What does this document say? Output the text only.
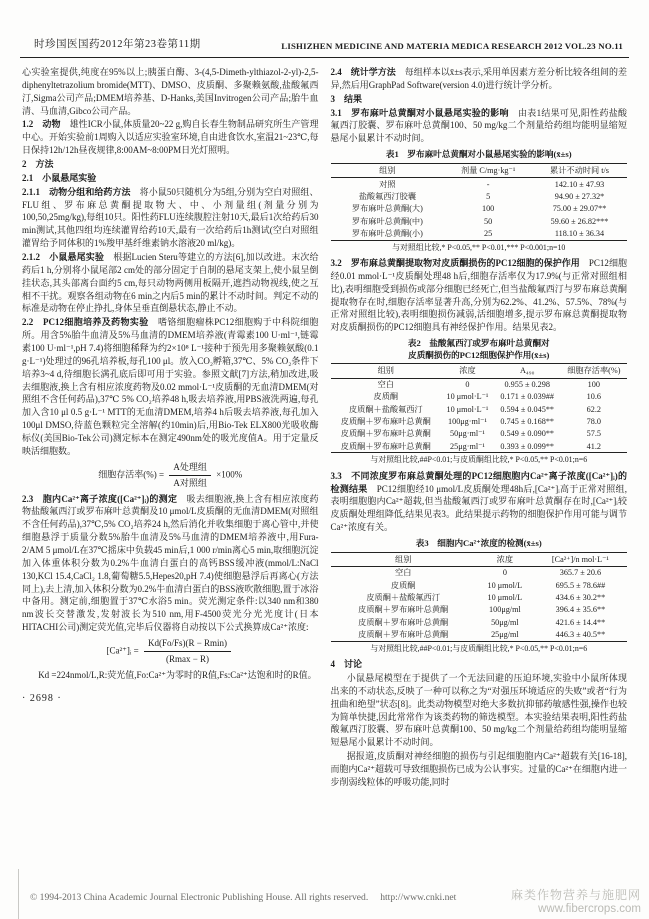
时珍国医国药2012年第23卷第11期	LISHIZHEN MEDICINE AND MATERIA MEDICA RESEARCH 2012 VOL.23 NO.11

心实验室提供,纯度在95%以上;胰蛋白酶、3-(4,5-Dimeth-ylthiazol-2-yl)-2,5-diphenyltetrazolium bromide(MTT)、DMSO、皮质酮、多聚赖氨酸,盐酸氟西汀,Sigma公司产品;DMEM培养基、D-Hanks,美国Invitrogen公司产品;胎牛血清、马血清,Gibco公司产品。

1.2　动物　 雄性ICR小鼠,体质量20~22 g,购自长春生物制品研究所生产管理中心。开始实验前1周购入以适应实验室环境,自由进食饮水,室温21~23℃,每日保持12h/12h昼夜规律,8:00AM~8:00PM日光灯照明。

2　方法

2.1　小鼠悬尾实验

2.1.1　动物分组和给药方法　 将小鼠50只随机分为5组,分别为空白对照组、FLU组、罗布麻总黄酮提取物大、中、小剂量组(剂量分别为100,50,25mg/kg),每组10只。阳性药FLU连续腹腔注射10天,最后1次给药后30 min测试,其他四组均连续灌胃给药10天,最有一次给药后1h测试(空白对照组灌胃给予同体积的1%羧甲基纤维素钠水溶液20 ml/kg)。

2.1.2　小鼠悬尾实验　 根据Lucien Steru等建立的方法[6],加以改进。末次给药后1 h,分别将小鼠尾部2 cm处的部分固定于自制的悬尾支架上,使小鼠呈倒挂状态,其头部离台面约5 cm,每只动物两侧用板隔开,遮挡动物视线,使之互相不干扰。观察各组动物在6 min之内后5 min的累计不动时间。判定不动的标准是动物在停止挣扎,身体呈垂直倒悬状态,静止不动。

2.2　PC12细胞培养及药物实验　 嗜铬细胞瘤株PC12细胞购于中科院细胞所。用含5%胎牛血清及5%马血清的DMEM培养液(青霉素100 U·ml⁻¹,链霉素100 U·ml⁻¹,pH 7.4)将细胞稀释为约2×10⁸ L⁻¹接种于预先用多聚赖氨酸(0.1 g·L⁻¹)处理过的96孔培养板,每孔100 μl。放入CO₂孵箱,37℃、5% CO₂条件下培养3~4 d,待细胞长满孔底后即可用于实验。参照文献[7]方法,稍加改进,吸去细胞液,换上含有相应浓度药物及0.02 mmol·L⁻¹皮质酮的无血清DMEM(对照组不含任何药品),37℃ 5% CO₂培养48 h,吸去培养液,用PBS液洗两遍,每孔加入含10 μl 0.5 g·L⁻¹ MTT的无血清DMEM,培养4 h后吸去培养液,每孔加入100μl DMSO,待蓝色颗粒完全溶解(约10min)后,用Bio-Tek ELX800光吸收酶标仪(美国Bio-Tek公司)测定标本在测定490nm处的吸光度值A。用于定量反映活细胞数。

细胞存活率(%) = $\frac{\text{A处理组}}{\text{A对照组}} \times 100\%$

2.3　胞内Ca²⁺离子浓度([Ca²⁺]ᵢ)的测定　 吸去细胞液,换上含有相应浓度药物盐酸氟西汀或罗布麻叶总黄酮及10 μmol/L皮质酮的无血清DMEM(对照组不含任何药品),37℃,5% CO₂培养24 h,然后消化并收集细胞于离心管中,并使细胞悬浮于质量分数5%胎牛血清及5%马血清的DMEM培养液中,用Fura-2/AM 5 μmol/L在37℃摇床中负载45 min后,1 000 r/min离心5 min,取细胞沉淀加入体重体积分数为0.2%牛血清白蛋白的高钙BSS缓冲液(mmol/L:NaCl 130,KCl 15.4,CaCl₂ 1.8,葡萄糖5.5,Hepes20,pH 7.4)使细胞悬浮后再离心(方法同上),去上清,加入体积分数为0.2%牛血清白蛋白的BSS液吹散细胞,置于冰浴中备用。测定前,细胞置于37℃水浴5 min。荧光测定条件:以340 nm和380 nm波长交替激发,发射波长为510 nm,用F-4500荧光分光光度计(日本HITACHI公司)测定荧光值,完毕后仪器将自动按以下公式换算成Ca²⁺浓度:

[Ca²⁺]ᵢ = $\frac{Kd(Fo/Fs)(R - Rmin)}{(Rmax - R)}$

Kd =224nmol/L,R:荧光值,Fo:Ca²⁺为零时的R值,Fs:Ca²⁺达饱和时的R值。

· 2698 ·

2.4　统计学方法　 每组样本以x̄±s表示,采用单因素方差分析比较各组间的差异,然后用GraphPad Software(version 4.0)进行统计学分析。

3　结果

3.1　罗布麻叶总黄酮对小鼠悬尾实验的影响　 由表1结果可见,阳性药盐酸氟西汀胶囊、罗布麻叶总黄酮100、50 mg/kg二个剂量给药组均能明显缩短悬尾小鼠累计不动时间。

表1　罗布麻叶总黄酮对小鼠悬尾实验的影响(x̄±s)
组别	剂量 C/mg·kg⁻¹	累计不动时间 t/s
对照	-	142.10 ± 47.93
盐酸氟西汀胶囊	5	94.90 ± 27.32*
罗布麻叶总黄酮(大)	100	75.00 ± 29.07**
罗布麻叶总黄酮(中)	50	59.60 ± 26.82***
罗布麻叶总黄酮(小)	25	118.10 ± 36.34
与对照组比较,* P<0.05,** P<0.01,*** P<0.001;n=10

3.2　罗布麻总黄酮提取物对皮质酮损伤的PC12细胞的保护作用　 PC12细胞经0.01 mmol·L⁻¹皮质酮处理48 h后,细胞存活率仅为17.9%(与正常对照组相比),表明细胞受到损伤或部分细胞已经死亡,但当盐酸氟西汀与罗布麻总黄酮提取物存在时,细胞存活率显著升高,分别为62.2%、41.2%、57.5%、78%(与正常对照组比较),表明细胞损伤减弱,活细胞增多,提示罗布麻总黄酮提取物对皮质酮损伤的PC12细胞具有神经保护作用。结果见表2。

表2　盐酸氟西汀或罗布麻叶总黄酮对
皮质酮损伤的PC12细胞保护作用(x̄±s)
组别	浓度	A₄₉₀	细胞存活率(%)
空白	0	0.955 ± 0.298	100
皮质酮	10 μmol·L⁻¹	0.171 ± 0.039##	10.6
皮质酮＋盐酸氟西汀	10 μmol·L⁻¹	0.594 ± 0.045**	62.2
皮质酮＋罗布麻叶总黄酮	100μg·ml⁻¹	0.745 ± 0.168**	78.0
皮质酮＋罗布麻叶总黄酮	50μg·ml⁻¹	0.549 ± 0.090**	57.5
皮质酮＋罗布麻叶总黄酮	25μg·ml⁻¹	0.393 ± 0.099**	41.2
与对照组比较,##P<0.01;与皮质酮组比较,* P<0.05,** P<0.01;n=6

3.3　不同浓度罗布麻总黄酮处理的PC12细胞胞内Ca²⁺离子浓度([Ca²⁺]ᵢ)的检测结果　 PC12细胞经10 μmol/L皮质酮处理48h后,[Ca²⁺]ᵢ高于正常对照组,表明细胞胞内Ca²⁺超载,但当盐酸氟西汀或罗布麻叶总黄酮存在时,[Ca²⁺]ᵢ较皮质酮处理组降低,结果见表3。此结果提示药物的细胞保护作用可能与调节Ca²⁺浓度有关。

表3　细胞内Ca²⁺浓度的检测(x̄±s)
组别	浓度	[Ca²⁺]/n mol·L⁻¹
空白	0	365.7 ± 20.6
皮质酮	10 μmol/L	695.5 ± 78.6##
皮质酮＋盐酸氟西汀	10 μmol/L	434.6 ± 30.2**
皮质酮＋罗布麻叶总黄酮	100μg/ml	396.4 ± 35.6**
皮质酮＋罗布麻叶总黄酮	50μg/ml	421.6 ± 14.4**
皮质酮＋罗布麻叶总黄酮	25μg/ml	446.3 ± 40.5**
与对照组比较,##P<0.01;与皮质酮组比较,* P<0.05,** P<0.01;n=6

4　讨论

小鼠悬尾模型在于提供了一个无法回避的压迫环境,实验中小鼠所体现出来的不动状态,反映了一种可以称之为“对强压环境适应的失败”或者“行为扭曲和绝望”状态[8]。此类动物模型对绝大多数抗抑郁药敏感性强,操作也较为简单快捷,因此常常作为该类药物的筛选模型。本实验结果表明,阳性药盐酸氟西汀胶囊、罗布麻叶总黄酮100、50 mg/kg二个剂量给药组均能明显缩短悬尾小鼠累计不动时间。

据报道,皮质酮对神经细胞的损伤与引起细胞胞内Ca²⁺超载有关[16-18],而胞内Ca²⁺超载可导致细胞损伤已成为公认事实。过量的Ca²⁺在细胞内进一步削弱线粒体的呼吸功能,同时

© 1994-2013 China Academic Journal Electronic Publishing House. All rights reserved.　 http://www.cnki.net	麻类作物营养与施肥网
www.fibercrops.com
